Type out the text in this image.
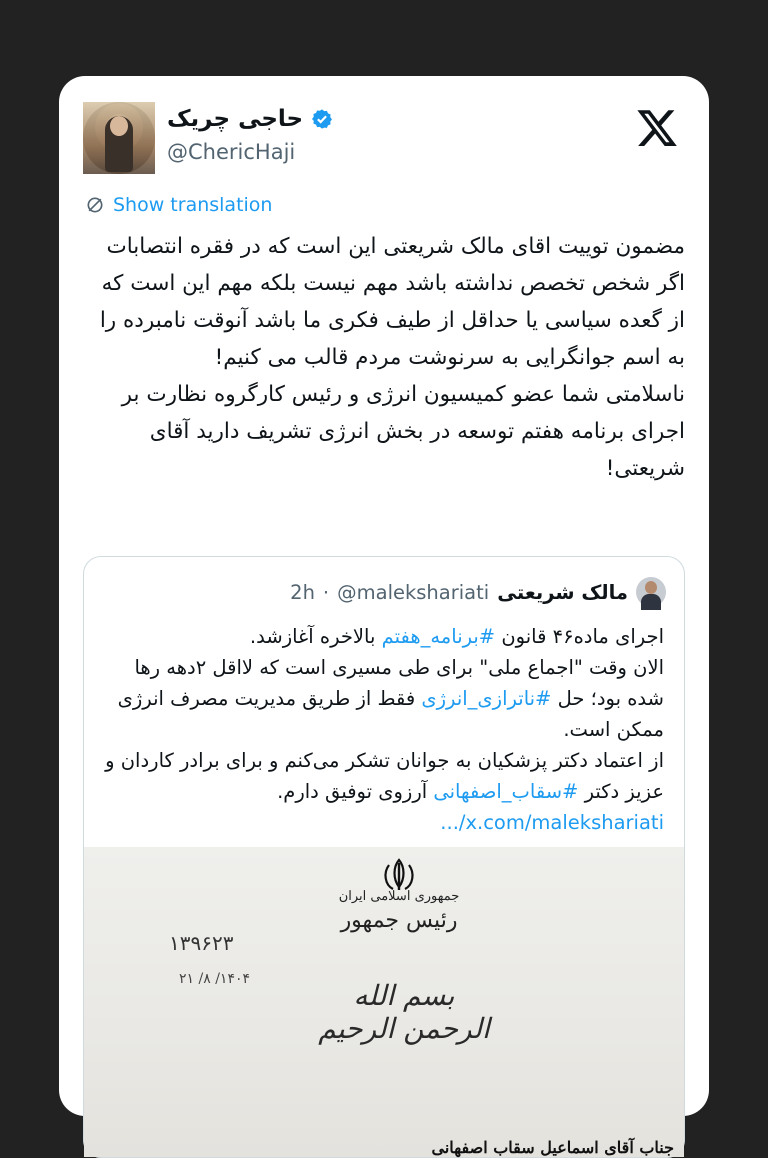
حاجی چریک
@ChericHaji
Show translation

مضمون توییت اقای مالک شریعتی این است که در فقره انتصابات اگر شخص تخصص نداشته باشد مهم نیست بلکه مهم این است که از گعده سیاسی یا حداقل از طیف فکری ما باشد آنوقت نامبرده را به اسم جوانگرایی به سرنوشت مردم قالب می کنیم!

ناسلامتی شما عضو کمیسیون انرژی و رئیس کارگروه نظارت بر اجرای برنامه هفتم توسعه در بخش انرژی تشریف دارید آقای شریعتی!

2h · @malekshariati مالک شریعتی

اجرای ماده۴۶ قانون #برنامه_هفتم بالاخره آغازشد.

الان وقت "اجماع ملی" برای طی مسیری است که لااقل ۲دهه رها شده بود؛ حل #ناترازی_انرژی فقط از طریق مدیریت مصرف انرژی ممکن است.

از اعتماد دکتر پزشکیان به جوانان تشکر می‌کنم و برای برادر کاردان و عزیز دکتر #سقاب_اصفهانی آرزوی توفیق دارم.

.../x.com/malekshariati

جمهوری اسلامی ایران
رئیس جمهور
۱۳۹۶۲۳
۱۴۰۴/ ۸/ ۲۱	بسم الله الرحمن الرحیم
جناب آقای اسماعیل سقاب اصفهانی
